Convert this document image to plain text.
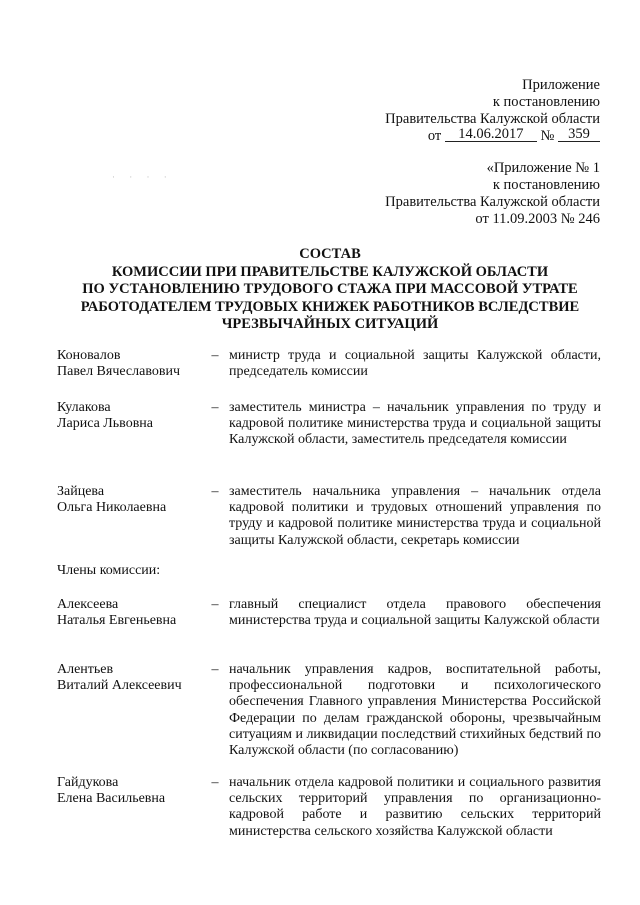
Приложение
к постановлению
Правительства Калужской области
от 14.06.2017 № 359
· · · ·
«Приложение № 1
к постановлению
Правительства Калужской области
от 11.09.2003 № 246
СОСТАВ
КОМИССИИ ПРИ ПРАВИТЕЛЬСТВЕ КАЛУЖСКОЙ ОБЛАСТИ
ПО УСТАНОВЛЕНИЮ ТРУДОВОГО СТАЖА ПРИ МАССОВОЙ УТРАТЕ
РАБОТОДАТЕЛЕМ ТРУДОВЫХ КНИЖЕК РАБОТНИКОВ ВСЛЕДСТВИЕ
ЧРЕЗВЫЧАЙНЫХ СИТУАЦИЙ
Коновалов
Павел Вячеславович
– министр труда и социальной защиты Калужской области, председатель комиссии
Кулакова
Лариса Львовна
– заместитель министра – начальник управления по труду и кадровой политике министерства труда и социальной защиты Калужской области, заместитель председателя комиссии
Зайцева
Ольга Николаевна
– заместитель начальника управления – начальник отдела кадровой политики и трудовых отношений управления по труду и кадровой политике министерства труда и социальной защиты Калужской области, секретарь комиссии
Алексеева
Наталья Евгеньевна
– главный специалист отдела правового обеспечения министерства труда и социальной защиты Калужской области
Алентьев
Виталий Алексеевич
– начальник управления кадров, воспитательной работы, профессиональной подготовки и психологического обеспечения Главного управления Министерства Российской Федерации по делам гражданской обороны, чрезвычайным ситуациям и ликвидации последствий стихийных бедствий по Калужской области (по согласованию)
Гайдукова
Елена Васильевна
– начальник отдела кадровой политики и социального развития сельских территорий управления по организационно-кадровой работе и развитию сельских территорий министерства сельского хозяйства Калужской области
Члены комиссии:
